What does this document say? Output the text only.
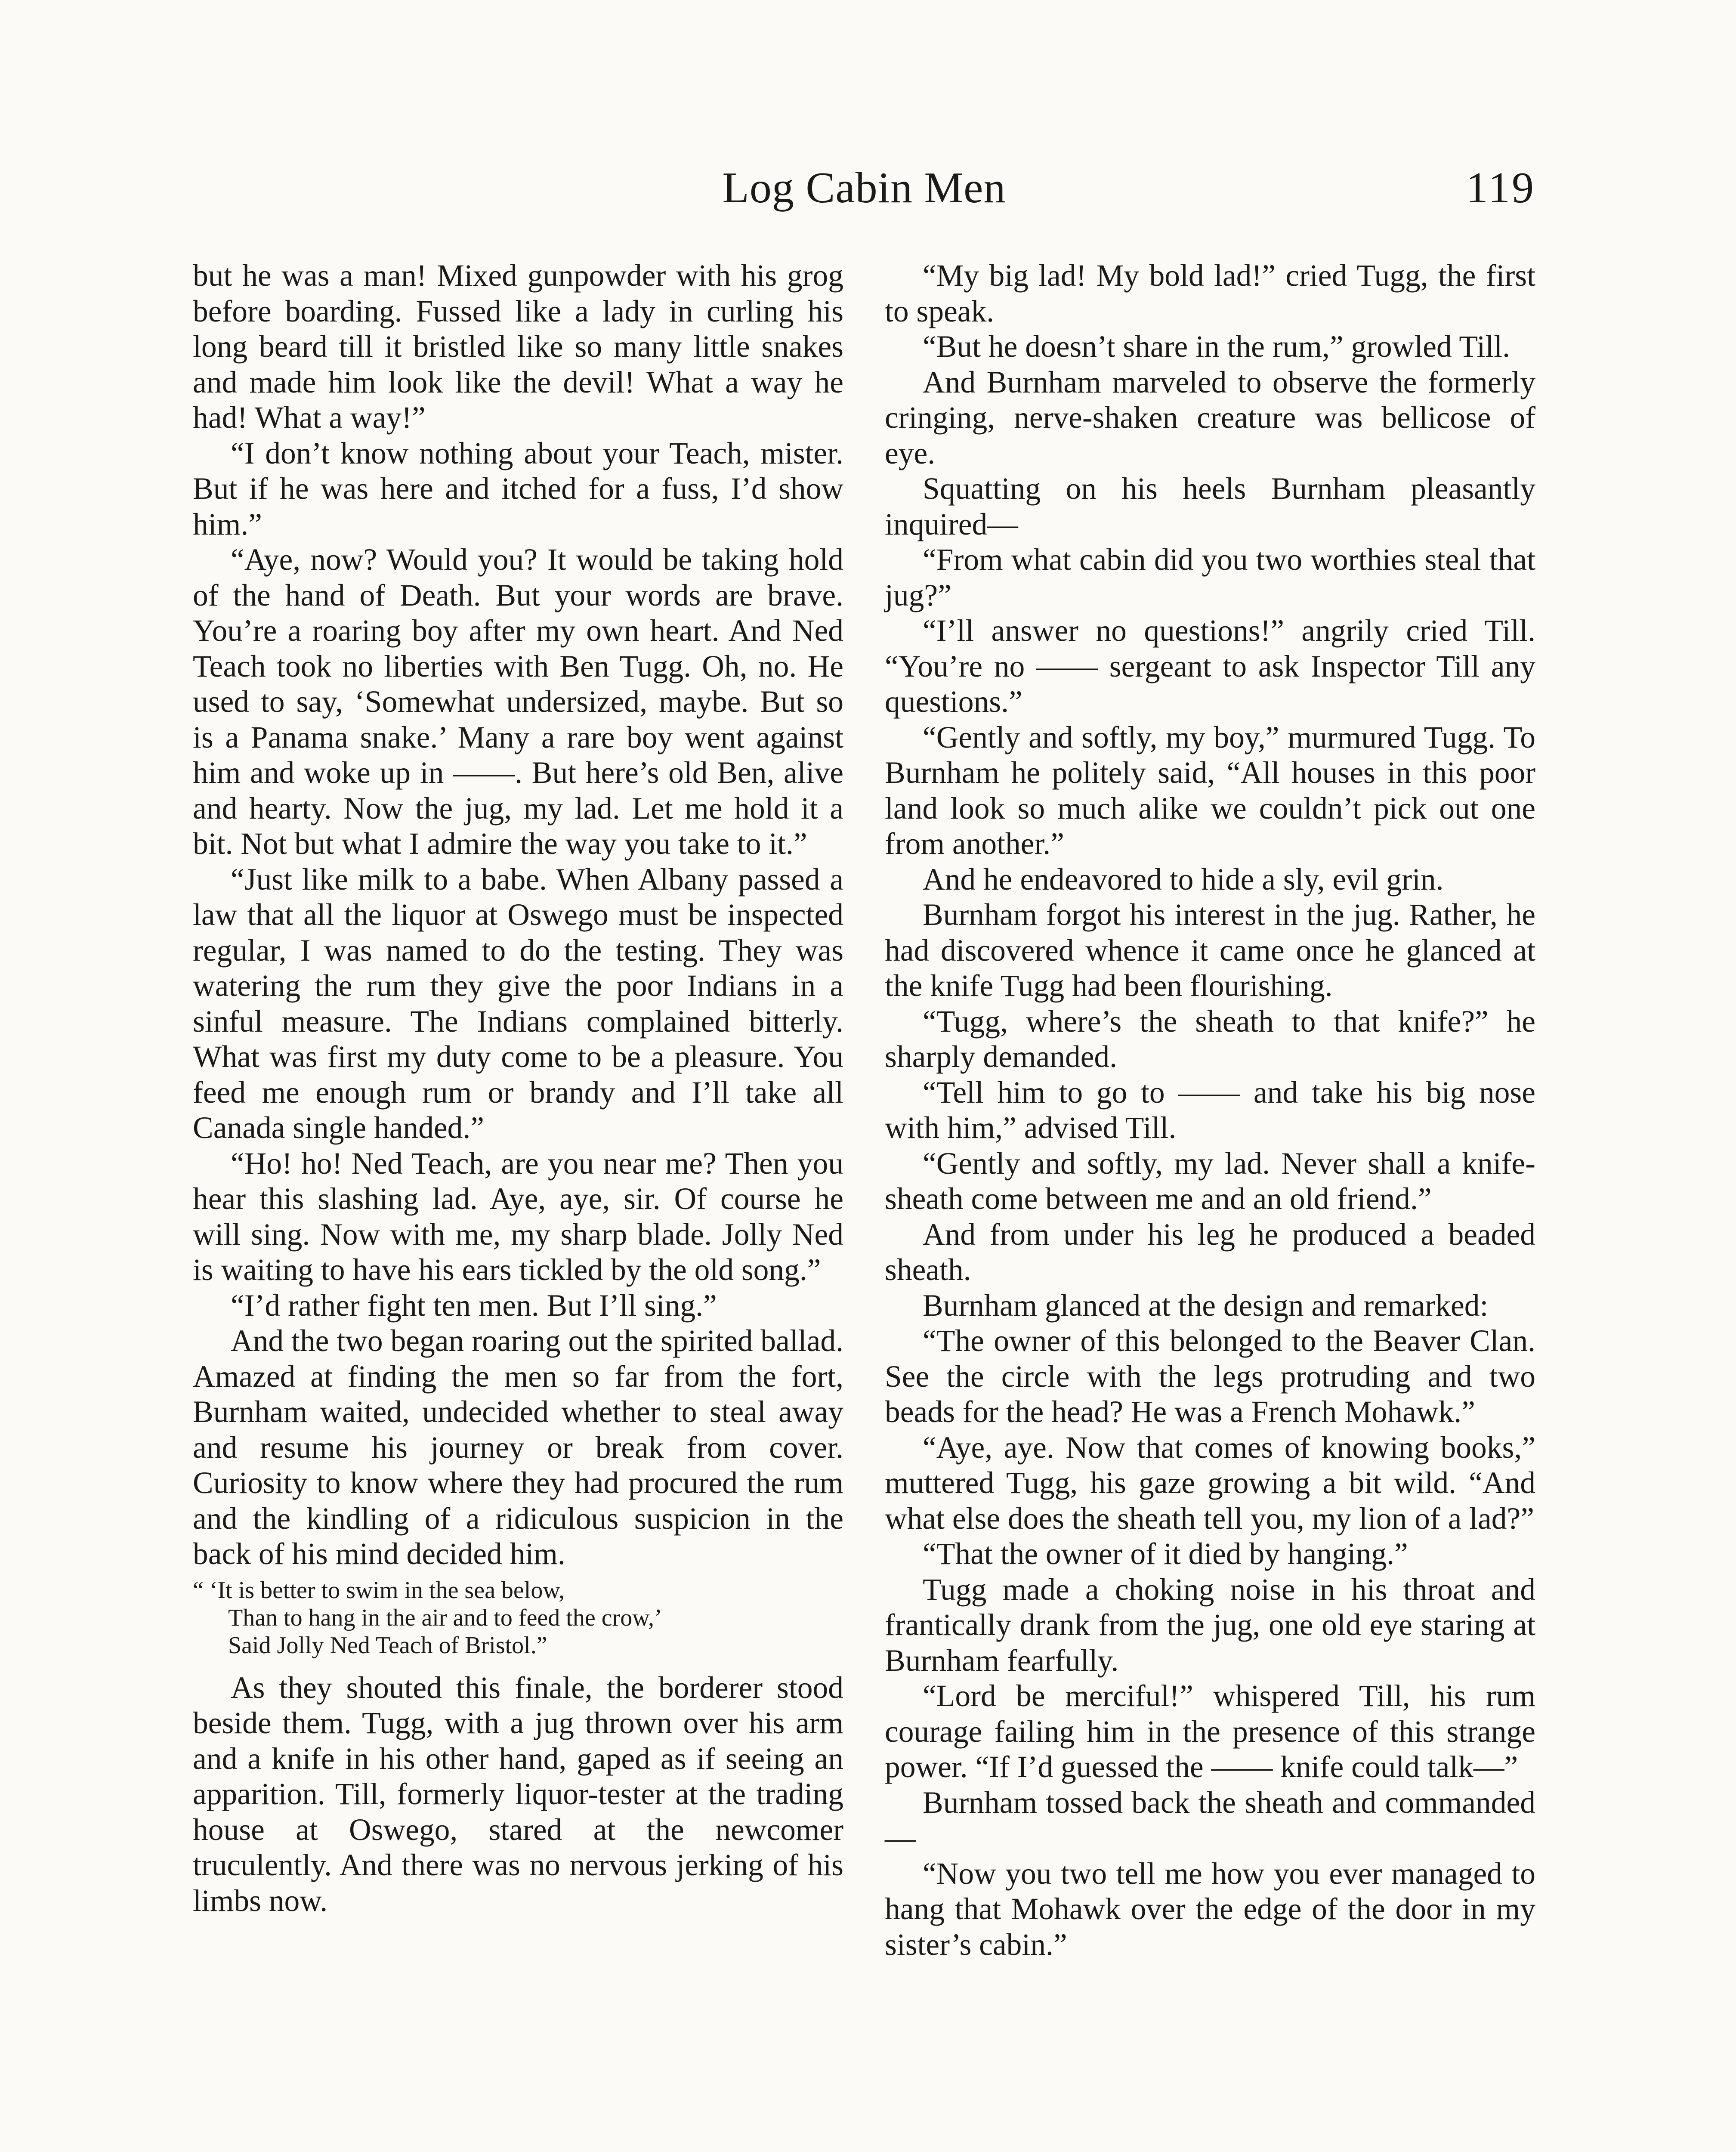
Log Cabin Men	119

but he was a man! Mixed gunpowder with his grog before boarding. Fussed like a lady in curling his long beard till it bristled like so many little snakes and made him look like the devil! What a way he had! What a way!”

“I don’t know nothing about your Teach, mister. But if he was here and itched for a fuss, I’d show him.”

“Aye, now? Would you? It would be taking hold of the hand of Death. But your words are brave. You’re a roaring boy after my own heart. And Ned Teach took no liberties with Ben Tugg. Oh, no. He used to say, ‘Somewhat undersized, maybe. But so is a Panama snake.’ Many a rare boy went against him and woke up in ——. But here’s old Ben, alive and hearty. Now the jug, my lad. Let me hold it a bit. Not but what I admire the way you take to it.”

“Just like milk to a babe. When Albany passed a law that all the liquor at Oswego must be inspected regular, I was named to do the testing. They was watering the rum they give the poor Indians in a sinful measure. The Indians complained bitterly. What was first my duty come to be a pleasure. You feed me enough rum or brandy and I’ll take all Canada single handed.”

“Ho! ho! Ned Teach, are you near me? Then you hear this slashing lad. Aye, aye, sir. Of course he will sing. Now with me, my sharp blade. Jolly Ned is waiting to have his ears tickled by the old song.”

“I’d rather fight ten men. But I’ll sing.”

And the two began roaring out the spirited ballad. Amazed at finding the men so far from the fort, Burnham waited, undecided whether to steal away and resume his journey or break from cover. Curiosity to know where they had procured the rum and the kindling of a ridiculous suspicion in the back of his mind decided him.

“ ‘It is better to swim in the sea below,
Than to hang in the air and to feed the crow,’
Said Jolly Ned Teach of Bristol.”

As they shouted this finale, the borderer stood beside them. Tugg, with a jug thrown over his arm and a knife in his other hand, gaped as if seeing an apparition. Till, formerly liquor-tester at the trading house at Oswego, stared at the newcomer truculently. And there was no nervous jerking of his limbs now.

“My big lad! My bold lad!” cried Tugg, the first to speak.

“But he doesn’t share in the rum,” growled Till.

And Burnham marveled to observe the formerly cringing, nerve-shaken creature was bellicose of eye.

Squatting on his heels Burnham pleasantly inquired—

“From what cabin did you two worthies steal that jug?”

“I’ll answer no questions!” angrily cried Till. “You’re no —— sergeant to ask Inspector Till any questions.”

“Gently and softly, my boy,” murmured Tugg. To Burnham he politely said, “All houses in this poor land look so much alike we couldn’t pick out one from another.”

And he endeavored to hide a sly, evil grin.

Burnham forgot his interest in the jug. Rather, he had discovered whence it came once he glanced at the knife Tugg had been flourishing.

“Tugg, where’s the sheath to that knife?” he sharply demanded.

“Tell him to go to —— and take his big nose with him,” advised Till.

“Gently and softly, my lad. Never shall a knife-sheath come between me and an old friend.”

And from under his leg he produced a beaded sheath.

Burnham glanced at the design and remarked:

“The owner of this belonged to the Beaver Clan. See the circle with the legs protruding and two beads for the head? He was a French Mohawk.”

“Aye, aye. Now that comes of knowing books,” muttered Tugg, his gaze growing a bit wild. “And what else does the sheath tell you, my lion of a lad?”

“That the owner of it died by hanging.”

Tugg made a choking noise in his throat and frantically drank from the jug, one old eye staring at Burnham fearfully.

“Lord be merciful!” whispered Till, his rum courage failing him in the presence of this strange power. “If I’d guessed the —— knife could talk—”

Burnham tossed back the sheath and commanded—

“Now you two tell me how you ever managed to hang that Mohawk over the edge of the door in my sister’s cabin.”
